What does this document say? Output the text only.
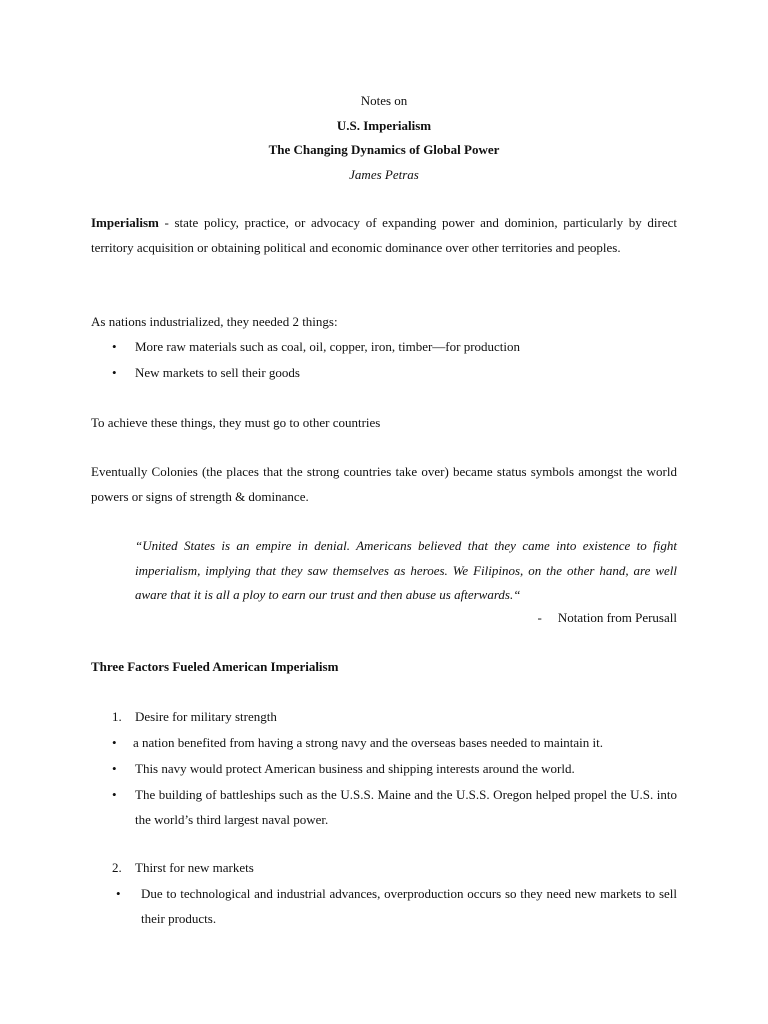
Notes on
U.S. Imperialism
The Changing Dynamics of Global Power
James Petras
Imperialism - state policy, practice, or advocacy of expanding power and dominion, particularly by direct territory acquisition or obtaining political and economic dominance over other territories and peoples.
As nations industrialized, they needed 2 things:
•	More raw materials such as coal, oil, copper, iron, timber—for production
•	New markets to sell their goods
To achieve these things, they must go to other countries
Eventually Colonies (the places that the strong countries take over) became status symbols amongst the world powers or signs of strength & dominance.
“United States is an empire in denial. Americans believed that they came into existence to fight imperialism, implying that they saw themselves as heroes. We Filipinos, on the other hand, are well aware that it is all a ploy to earn our trust and then abuse us afterwards.“
- Notation from Perusall
Three Factors Fueled American Imperialism
1.	Desire for military strength
•	a nation benefited from having a strong navy and the overseas bases needed to maintain it.
•	This navy would protect American business and shipping interests around the world.
•	The building of battleships such as the U.S.S. Maine and the U.S.S. Oregon helped propel the U.S. into the world’s third largest naval power.
2.	Thirst for new markets
•	Due to technological and industrial advances, overproduction occurs so they need new markets to sell their products.
